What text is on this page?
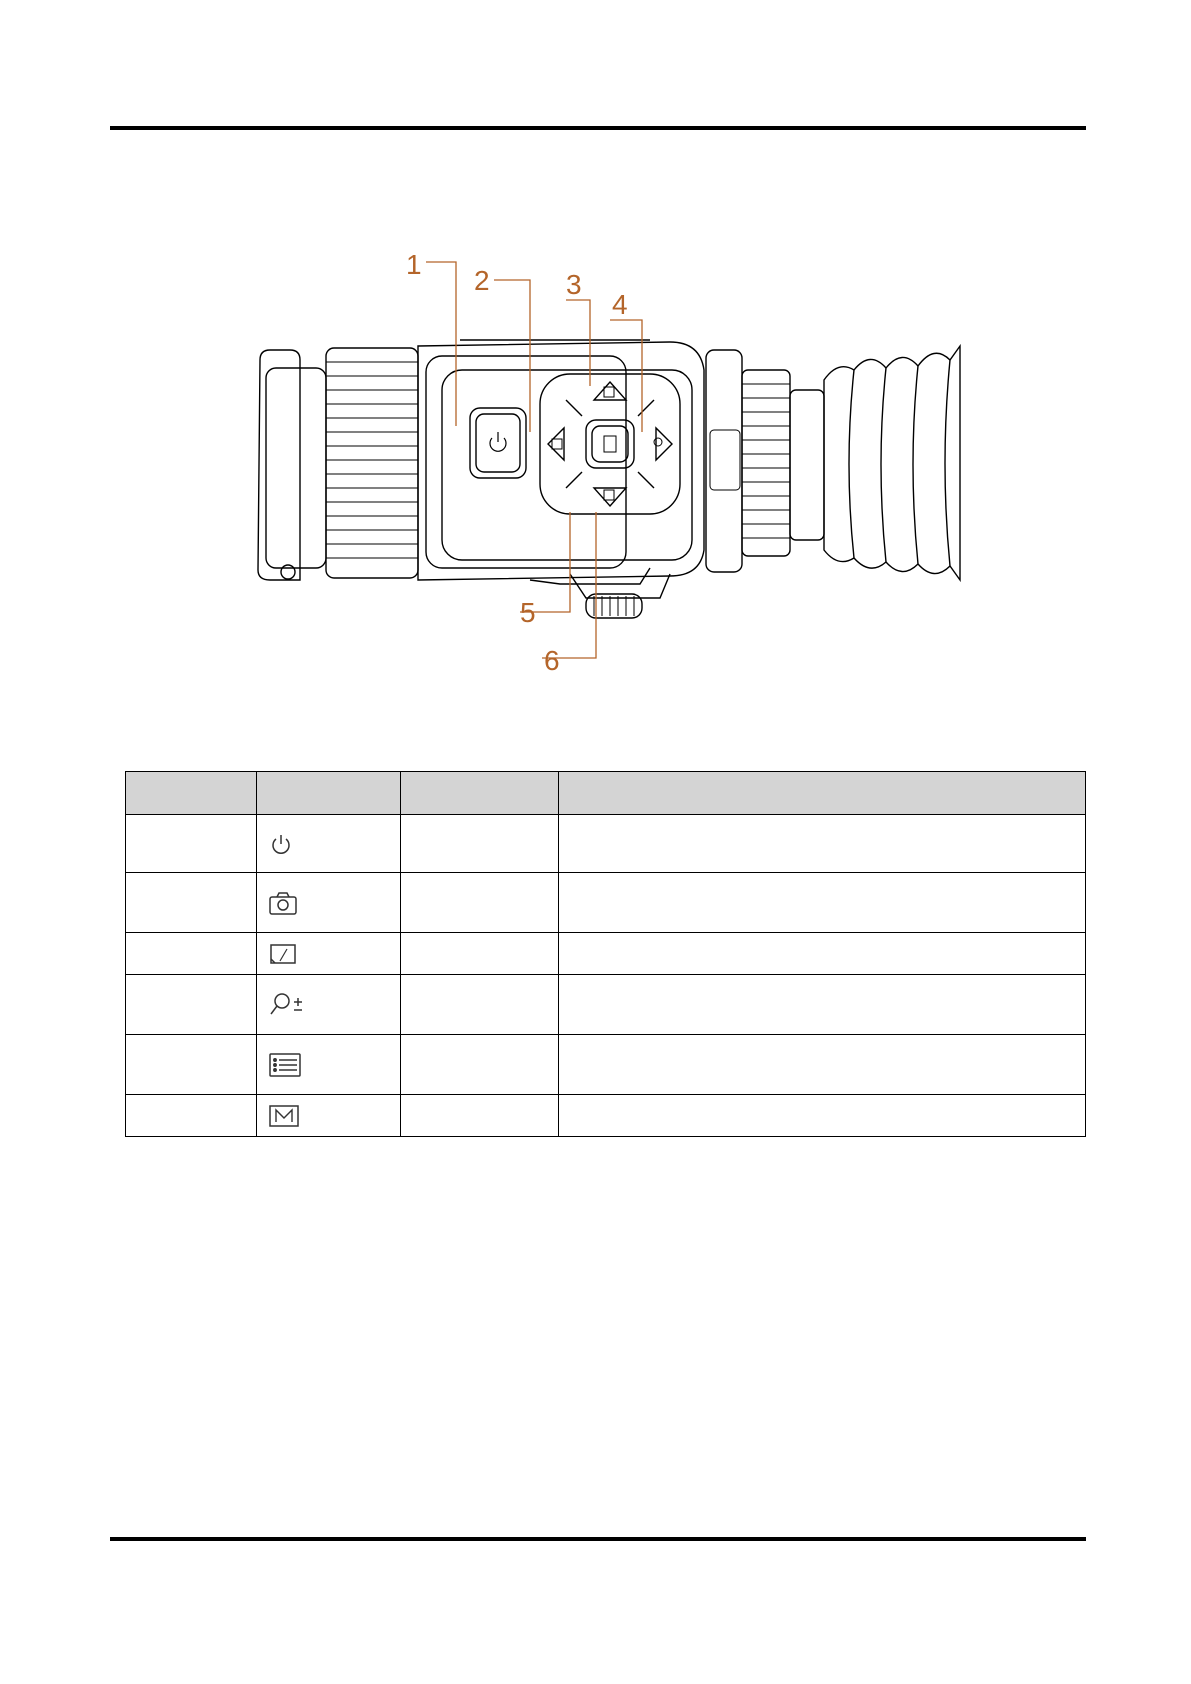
1
2	3
4
5
6
